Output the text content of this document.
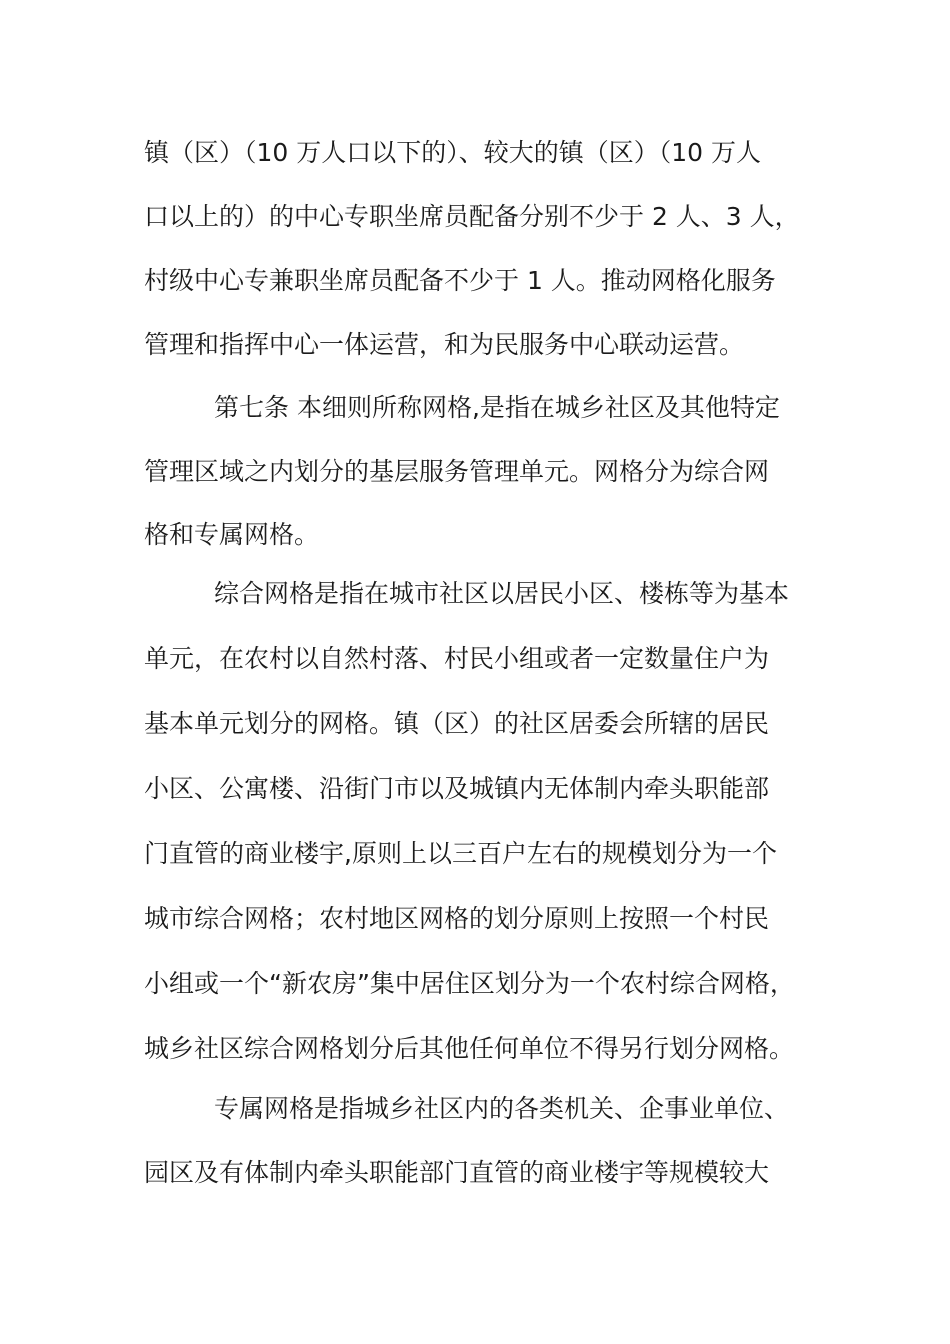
镇（区）（10 万人口以下的）、较大的镇（区）（10 万人
口以上的）的中心专职坐席员配备分别不少于 2 人、3 人，
村级中心专兼职坐席员配备不少于 1 人。推动网格化服务
管理和指挥中心一体运营，和为民服务中心联动运营。
第七条 本细则所称网格,是指在城乡社区及其他特定
管理区域之内划分的基层服务管理单元。网格分为综合网
格和专属网格。
综合网格是指在城市社区以居民小区、楼栋等为基本
单元，在农村以自然村落、村民小组或者一定数量住户为
基本单元划分的网格。镇（区）的社区居委会所辖的居民
小区、公寓楼、沿街门市以及城镇内无体制内牵头职能部
门直管的商业楼宇,原则上以三百户左右的规模划分为一个
城市综合网格；农村地区网格的划分原则上按照一个村民
小组或一个“新农房”集中居住区划分为一个农村综合网格，
城乡社区综合网格划分后其他任何单位不得另行划分网格。
专属网格是指城乡社区内的各类机关、企事业单位、
园区及有体制内牵头职能部门直管的商业楼宇等规模较大
